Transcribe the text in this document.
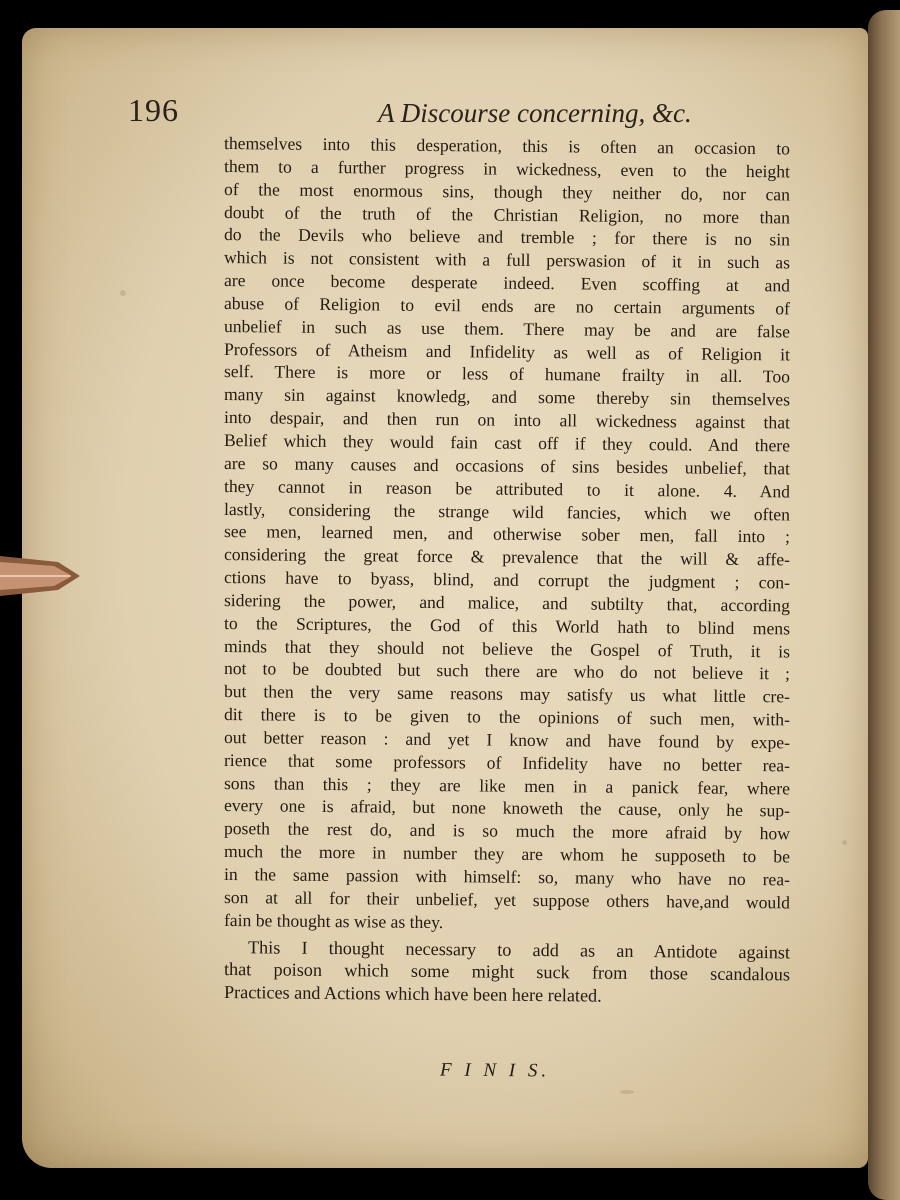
196	A Discourse concerning, &c.
themselves into this desperation, this is often an occasion to
them to a further progress in wickedness, even to the height
of the most enormous sins, though they neither do, nor can
doubt of the truth of the Christian Religion, no more than
do the Devils who believe and tremble ; for there is no sin
which is not consistent with a full perswasion of it in such as
are once become desperate indeed. Even scoffing at and
abuse of Religion to evil ends are no certain arguments of
unbelief in such as use them. There may be and are false
Professors of Atheism and Infidelity as well as of Religion it
self. There is more or less of humane frailty in all. Too
many sin against knowledg, and some thereby sin themselves
into despair, and then run on into all wickedness against that
Belief which they would fain cast off if they could. And there
are so many causes and occasions of sins besides unbelief, that
they cannot in reason be attributed to it alone. 4. And
lastly, considering the strange wild fancies, which we often
see men, learned men, and otherwise sober men, fall into ;
considering the great force & prevalence that the will & affe-
ctions have to byass, blind, and corrupt the judgment ; con-
sidering the power, and malice, and subtilty that, according
to the Scriptures, the God of this World hath to blind mens
minds that they should not believe the Gospel of Truth, it is
not to be doubted but such there are who do not believe it ;
but then the very same reasons may satisfy us what little cre-
dit there is to be given to the opinions of such men, with-
out better reason : and yet I know and have found by expe-
rience that some professors of Infidelity have no better rea-
sons than this ; they are like men in a panick fear, where
every one is afraid, but none knoweth the cause, only he sup-
poseth the rest do, and is so much the more afraid by how
much the more in number they are whom he supposeth to be
in the same passion with himself: so, many who have no rea-
son at all for their unbelief, yet suppose others have,and would
fain be thought as wise as they.
This I thought necessary to add as an Antidote against
that poison which some might suck from those scandalous
Practices and Actions which have been here related.
F I N I S.
